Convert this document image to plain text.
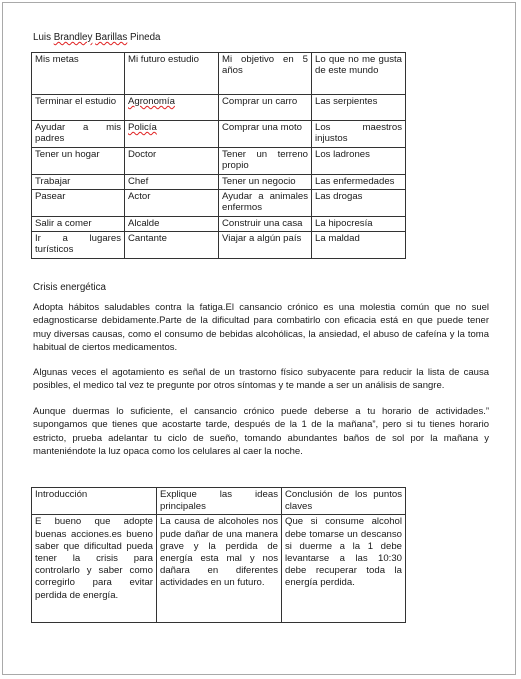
Luis Brandley Barillas Pineda
Mis metas	Mi futuro estudio	Mi objetivo en 5 años	Lo que no me gusta de este mundo
Terminar el estudio	Agronomía	Comprar un carro	Las serpientes
Ayudar a mis padres	Policía	Comprar una moto	Los maestros injustos
Tener un hogar	Doctor	Tener un terreno propio	Los ladrones
Trabajar	Chef	Tener un negocio	Las enfermedades
Pasear	Actor	Ayudar a animales enfermos	Las drogas
Salir a comer	Alcalde	Construir una casa	La hipocresía
Ir a lugares turísticos	Cantante	Viajar a algún país	La maldad
Crisis energética
Adopta hábitos saludables contra la fatiga.El cansancio crónico es una molestia común que no suel edagnosticarse debidamente.Parte de la dificultad para combatirlo con eficacia está en que puede tener muy diversas causas, como el consumo de bebidas alcohólicas, la ansiedad, el abuso de cafeína y la toma habitual de ciertos medicamentos.
Algunas veces el agotamiento es señal de un trastorno físico subyacente para reducir la lista de causa posibles, el medico tal vez te pregunte por otros síntomas y te mande a ser un análisis de sangre.
Aunque duermas lo suficiente, el cansancio crónico puede deberse a tu horario de actividades.” supongamos que tienes que acostarte tarde, después de la 1 de la mañana”, pero si tu tienes horario estricto, prueba adelantar tu ciclo de sueño, tomando abundantes baños de sol por la mañana y manteniéndote la luz opaca como los celulares al caer la noche.
Introducción	Explique las ideas principales	Conclusión de los puntos claves
E bueno que adopte buenas acciones.es bueno saber que dificultad pueda tener la crisis para controlarlo y saber como corregirlo para evitar perdida de energía.	La causa de alcoholes nos pude dañar de una manera grave y la perdida de energía esta mal y nos dañara en diferentes actividades en un futuro.	Que si consume alcohol debe tomarse un descanso si duerme a la 1 debe levantarse a las 10:30 debe recuperar toda la energía perdida.
